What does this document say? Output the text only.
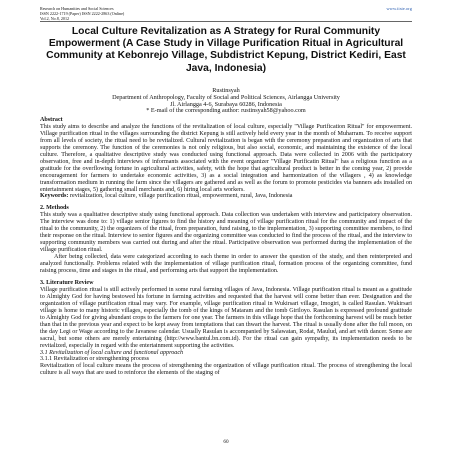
Research on Humanities and Social Sciences
ISSN 2222-1719 (Paper) ISSN 2222-2863 (Online)
Vol.2, No.8, 2012
www.iiste.org
Local Culture Revitalization as A Strategy for Rural Community Empowerment (A Case Study in Village Purification Ritual in Agricultural Community at Kebonrejo Village, Subdistrict Kepung, District Kediri, East Java, Indonesia)
Rustinsyah
Department of Anthropology, Faculty of Social and Political Sciences, Airlangga University
Jl. Airlangga 4-6, Surabaya 60286, Indonesia
* E-mail of the corresponding author: rustinsyah58@yahoo.com

Abstract

This study aims to describe and analyze the functions of the revitalization of local culture, especially "Village Purification Ritual" for empowerment. Village purification ritual in the villages surrounding the district Kepung is still actively held every year in the month of Muharram. To receive support from all levels of society, the ritual need to be revitalized. Cultural revitalization is began with the ceremony preparation and organization of arts that supports the ceremony. The function of the ceremonies is not only religious, but also social, economic, and maintaining the existence of the local culture. Therefore, a qualitative descriptive study was conducted using functional approach. Data were collected in 2006 with the participatory observation, free and in-depth interviews of informants associated with the event organizer "Village Purificatin Ritual" has a religious function as a gratitude for the overflowing fortune in agricultural activities, safety, with the hope that agricultural product is better in the coming year, 2) provide encouragement for farmers to undertake economic activities, 3) as a social integration and harmonization of the villagers , 4) as knowledge transformation medium in running the farm since the villagers are gathered and as well as the forum to promote pesticides via banners ads installed on entertainment stages, 5) gathering small merchants and, 6) hiring local arts workers.

Keywords: revitalization, local culture, village purification ritual, empowerment, rural, Java, Indonesia

2. Methods

This study was a qualitative descriptive study using functional approach. Data collection was undertaken with interview and participatory observation. The interview was done to: 1) village senior figures to find the history and meaning of village purification ritual for the community and impact of the ritual to the community, 2) the organizers of the ritual, from preparation, fund raising, to the implementation, 3) supporting committee members, to find their response on the ritual. Interview to senior figures and the organizing committee was conducted to find the process of the ritual, and the interview to supporting community members was carried out during and after the ritual. Participative observation was performed during the implementation of the village purification ritual.

After being collected, data were categorized according to each theme in order to answer the question of the study, and then reinterpreted and analyzed functionally. Problems related with the implementation of village purification ritual, formation process of the organizing committee, fund raising process, time and stages in the ritual, and performing arts that support the implementation.

3. Literature Review

Village purification ritual is still actively performed in some rural farming villages of Java, Indonesia. Village purification ritual is meant as a gratitude to Almighty God for having bestowed his fortune in farming activities and requested that the harvest will come better than ever. Designation and the organization of village purification ritual may vary. For example, village purification ritual in Wukirsari village, Imogiri, is called Rasulan. Wukirsari village is home to many historic villages, especially the tomb of the kings of Mataram and the tomb Giriloyo. Rasulan is expressed profound gratitude to Almighty God for giving abundant crops to the farmers for one year. The farmers in this village hope that the forthcoming harvest will be much better than that in the previous year and expect to be kept away from temptations that can thwart the harvest. The ritual is usually done after the full moon, on the day Legi or Wage according to the Javanese calendar. Usually Rasulan is accompanied by Salawatan, Rodat, Maulud, and art with dancer. Some are sacral, but some others are merely entertaining (http://www.bantul.bn.com.id). For the ritual can gain sympathy, its implementation needs to be revitalized, especially in regard with the entertainment supporting the activities.

3.1 Revitalization of local culture and functional approach

3.1.1 Revitalization or strengthening process

Revitalization of local culture means the process of strengthening the organization of village purification ritual. The process of strengthening the local culture is all ways that are used to reinforce the elements of the staging of

60
